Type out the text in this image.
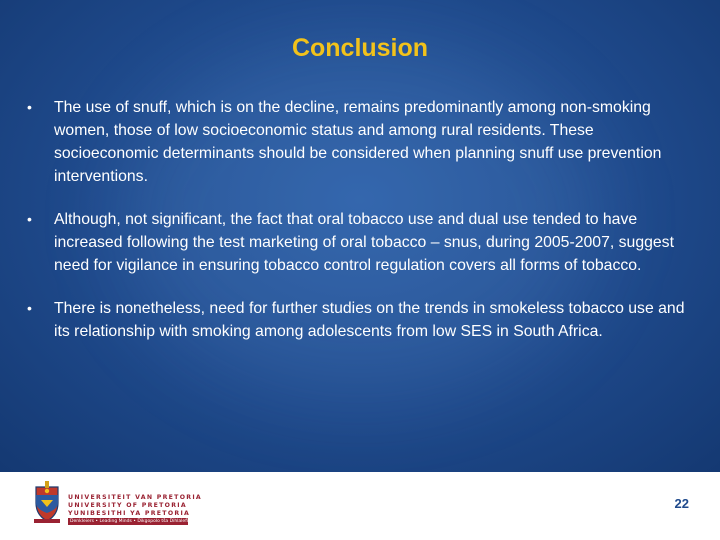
Conclusion
• The use of snuff, which is on the decline, remains predominantly among non-smoking women, those of low socioeconomic status and among rural residents. These socioeconomic determinants should be considered when planning snuff use prevention interventions.
• Although, not significant, the fact that oral tobacco use and dual use tended to have increased following the test marketing of oral tobacco – snus, during 2005-2007, suggest need for vigilance in ensuring tobacco control regulation covers all forms of tobacco.
• There is nonetheless, need for further studies on the trends in smokeless tobacco use and its relationship with smoking among adolescents from low SES in South Africa.
UNIVERSITEIT VAN PRETORIA
UNIVERSITY OF PRETORIA
YUNIBESITHI YA PRETORIA
Denkleiers • Leading Minds • Dikgopolo tša Dihlalefi
22
